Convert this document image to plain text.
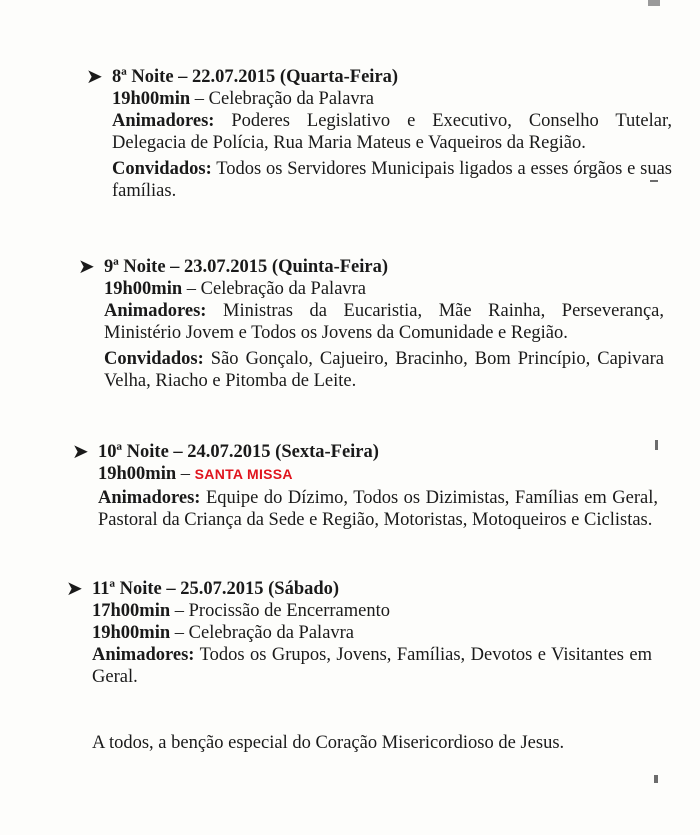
➤ 8ª Noite – 22.07.2015 (Quarta-Feira)
19h00min – Celebração da Palavra
Animadores: Poderes Legislativo e Executivo, Conselho Tutelar, Delegacia de Polícia, Rua Maria Mateus e Vaqueiros da Região.
Convidados: Todos os Servidores Municipais ligados a esses órgãos e suas famílias.
➤ 9ª Noite – 23.07.2015 (Quinta-Feira)
19h00min – Celebração da Palavra
Animadores: Ministras da Eucaristia, Mãe Rainha, Perseverança, Ministério Jovem e Todos os Jovens da Comunidade e Região.
Convidados: São Gonçalo, Cajueiro, Bracinho, Bom Princípio, Capivara Velha, Riacho e Pitomba de Leite.
➤ 10ª Noite – 24.07.2015 (Sexta-Feira)
19h00min – SANTA MISSA
Animadores: Equipe do Dízimo, Todos os Dizimistas, Famílias em Geral, Pastoral da Criança da Sede e Região, Motoristas, Motoqueiros e Ciclistas.
➤ 11ª Noite – 25.07.2015 (Sábado)
17h00min – Procissão de Encerramento
19h00min – Celebração da Palavra
Animadores: Todos os Grupos, Jovens, Famílias, Devotos e Visitantes em Geral.
A todos, a benção especial do Coração Misericordioso de Jesus.
